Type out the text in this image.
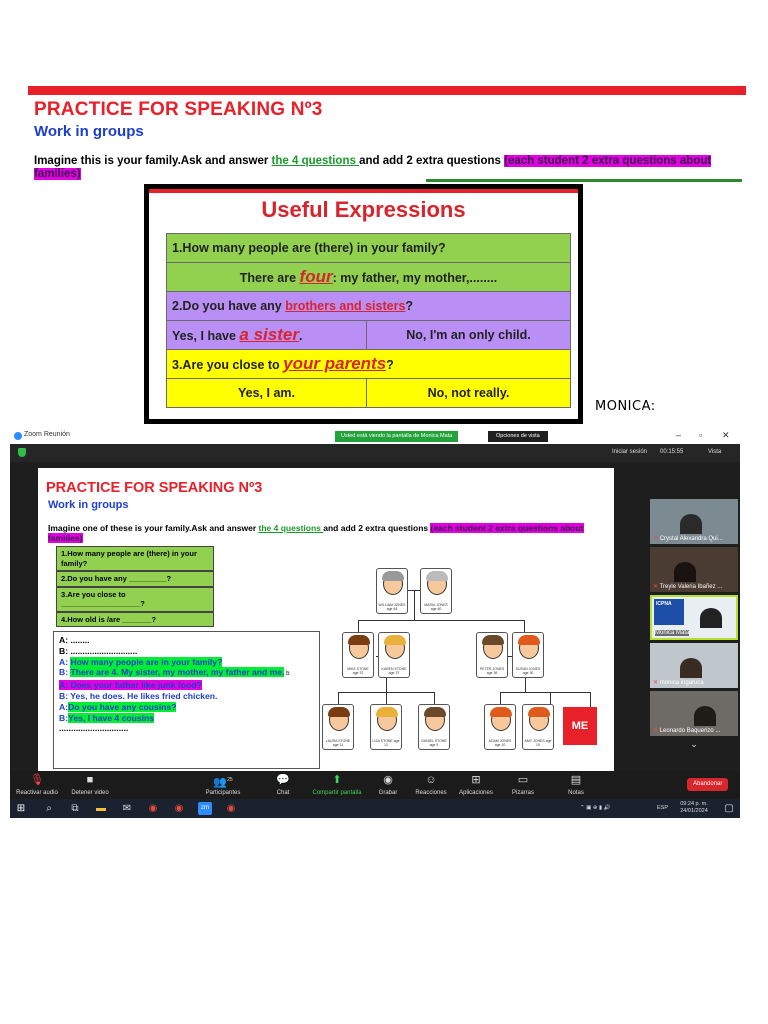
PRACTICE FOR SPEAKING Nº3
Work in groups
Imagine this is your family.Ask and answer the 4 questions and add 2 extra questions (each student 2 extra questions about families)
Useful Expressions
1.How many people are (there) in your family?	
There are four: my father, my mother,........	
2.Do you have any brothers and sisters?	
Yes, I have a sister.	No, I'm an only child.
3.Are you close to your parents?	
Yes, I am.	No, not really.
MONICA:
Zoom Reunión	Usted está viendo la pantalla de Monica Mata	Opciones de vista	– ▫ ✕
Iniciar sesión 00:15:55	Vista
PRACTICE FOR SPEAKING Nº3
Work in groups
Imagine one of these is your family.Ask and answer the 4 questions and add 2 extra questions (each student 2 extra questions about families)
1.How many people are (there) in your family?
2.Do you have any _________?
3.Are you close to ___________________?
4.How old is /are _______?
A: ........
B: ............................
A: How many people are in your family?
B: There are 4. My sister, my mother, my father and me. b
A: Does your father like junk food?
B: Yes, he does. He likes fried chicken.
A:Do you have any cousins?
B:Yes, I have 4 cousins
.............................
WILLIAM JONES age 64
MARIA JONES age 60
MIKE STONE age 37
KAREN STONE age 37
PETER JONES age 36
SUSAN JONES age 30
LAURA STONE age 11
LISA STONE age 12
DANIEL STONE age 9
ADAM JONES age 10
AMY JONES age 10
ME
✕ Crystal Alexandra Qui...
✕ Treyle Valeria Ibañez ...
ICPNA
Monica Mata
✕ monica ingaruca
✕ Leonardo Baquerizo ...
⌄
🎙
Reactivar audio
■
Detener video
👥$^{25}$
Participantes
💬
Chat
⬆
Compartir pantalla
◉
Grabar
☺
Reacciones
⊞
Aplicaciones
▭
Pizarras
▤
Notas
Abandonar
⊞	⌕	⧉	▬ ✉ ◉ ◉	zm	◉	⌃ ▣ ⊕ ▮ 🔊	ESP
09:24 p. m.
24/01/2024	▢
